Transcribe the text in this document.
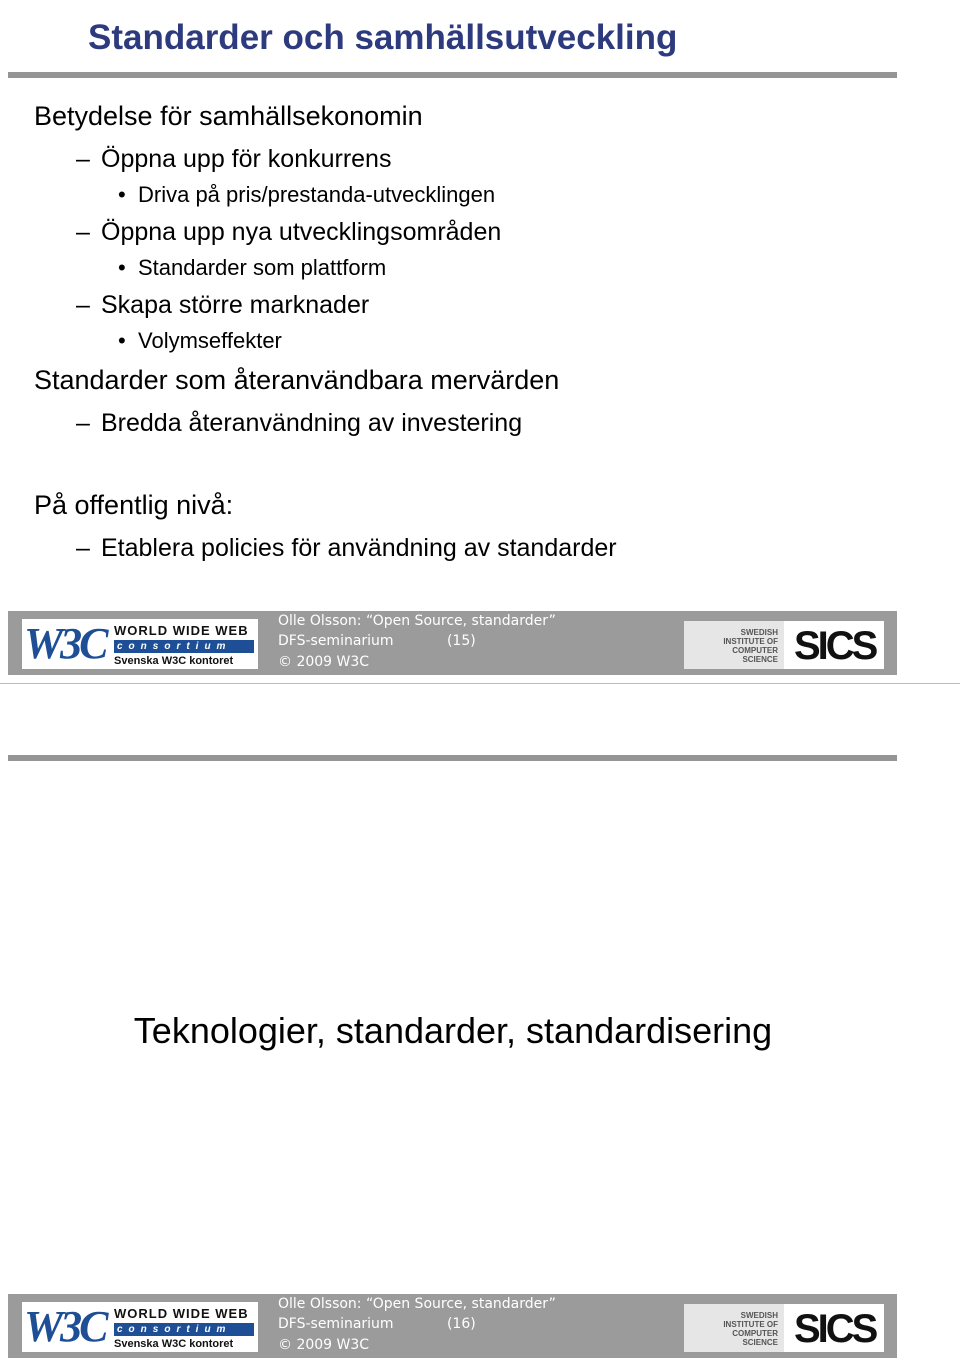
Standarder och samhällsutveckling
Betydelse för samhällsekonomin
– Öppna upp för konkurrens
• Driva på pris/prestanda-utvecklingen
– Öppna upp nya utvecklingsområden
• Standarder som plattform
– Skapa större marknader
• Volymseffekter
Standarder som återanvändbara mervärden
– Bredda återanvändning av investering
På offentlig nivå:
– Etablera policies för användning av standarder
W3C WORLD WIDE WEB
consortium
Svenska W3C kontoret
Olle Olsson: “Open Source, standarder”
DFS-seminarium            (15)
© 2009 W3C
SWEDISH INSTITUTE OF COMPUTER SCIENCE SICS
Teknologier, standarder, standardisering
W3C WORLD WIDE WEB
consortium
Svenska W3C kontoret
Olle Olsson: “Open Source, standarder”
DFS-seminarium            (16)
© 2009 W3C
SWEDISH INSTITUTE OF COMPUTER SCIENCE SICS
